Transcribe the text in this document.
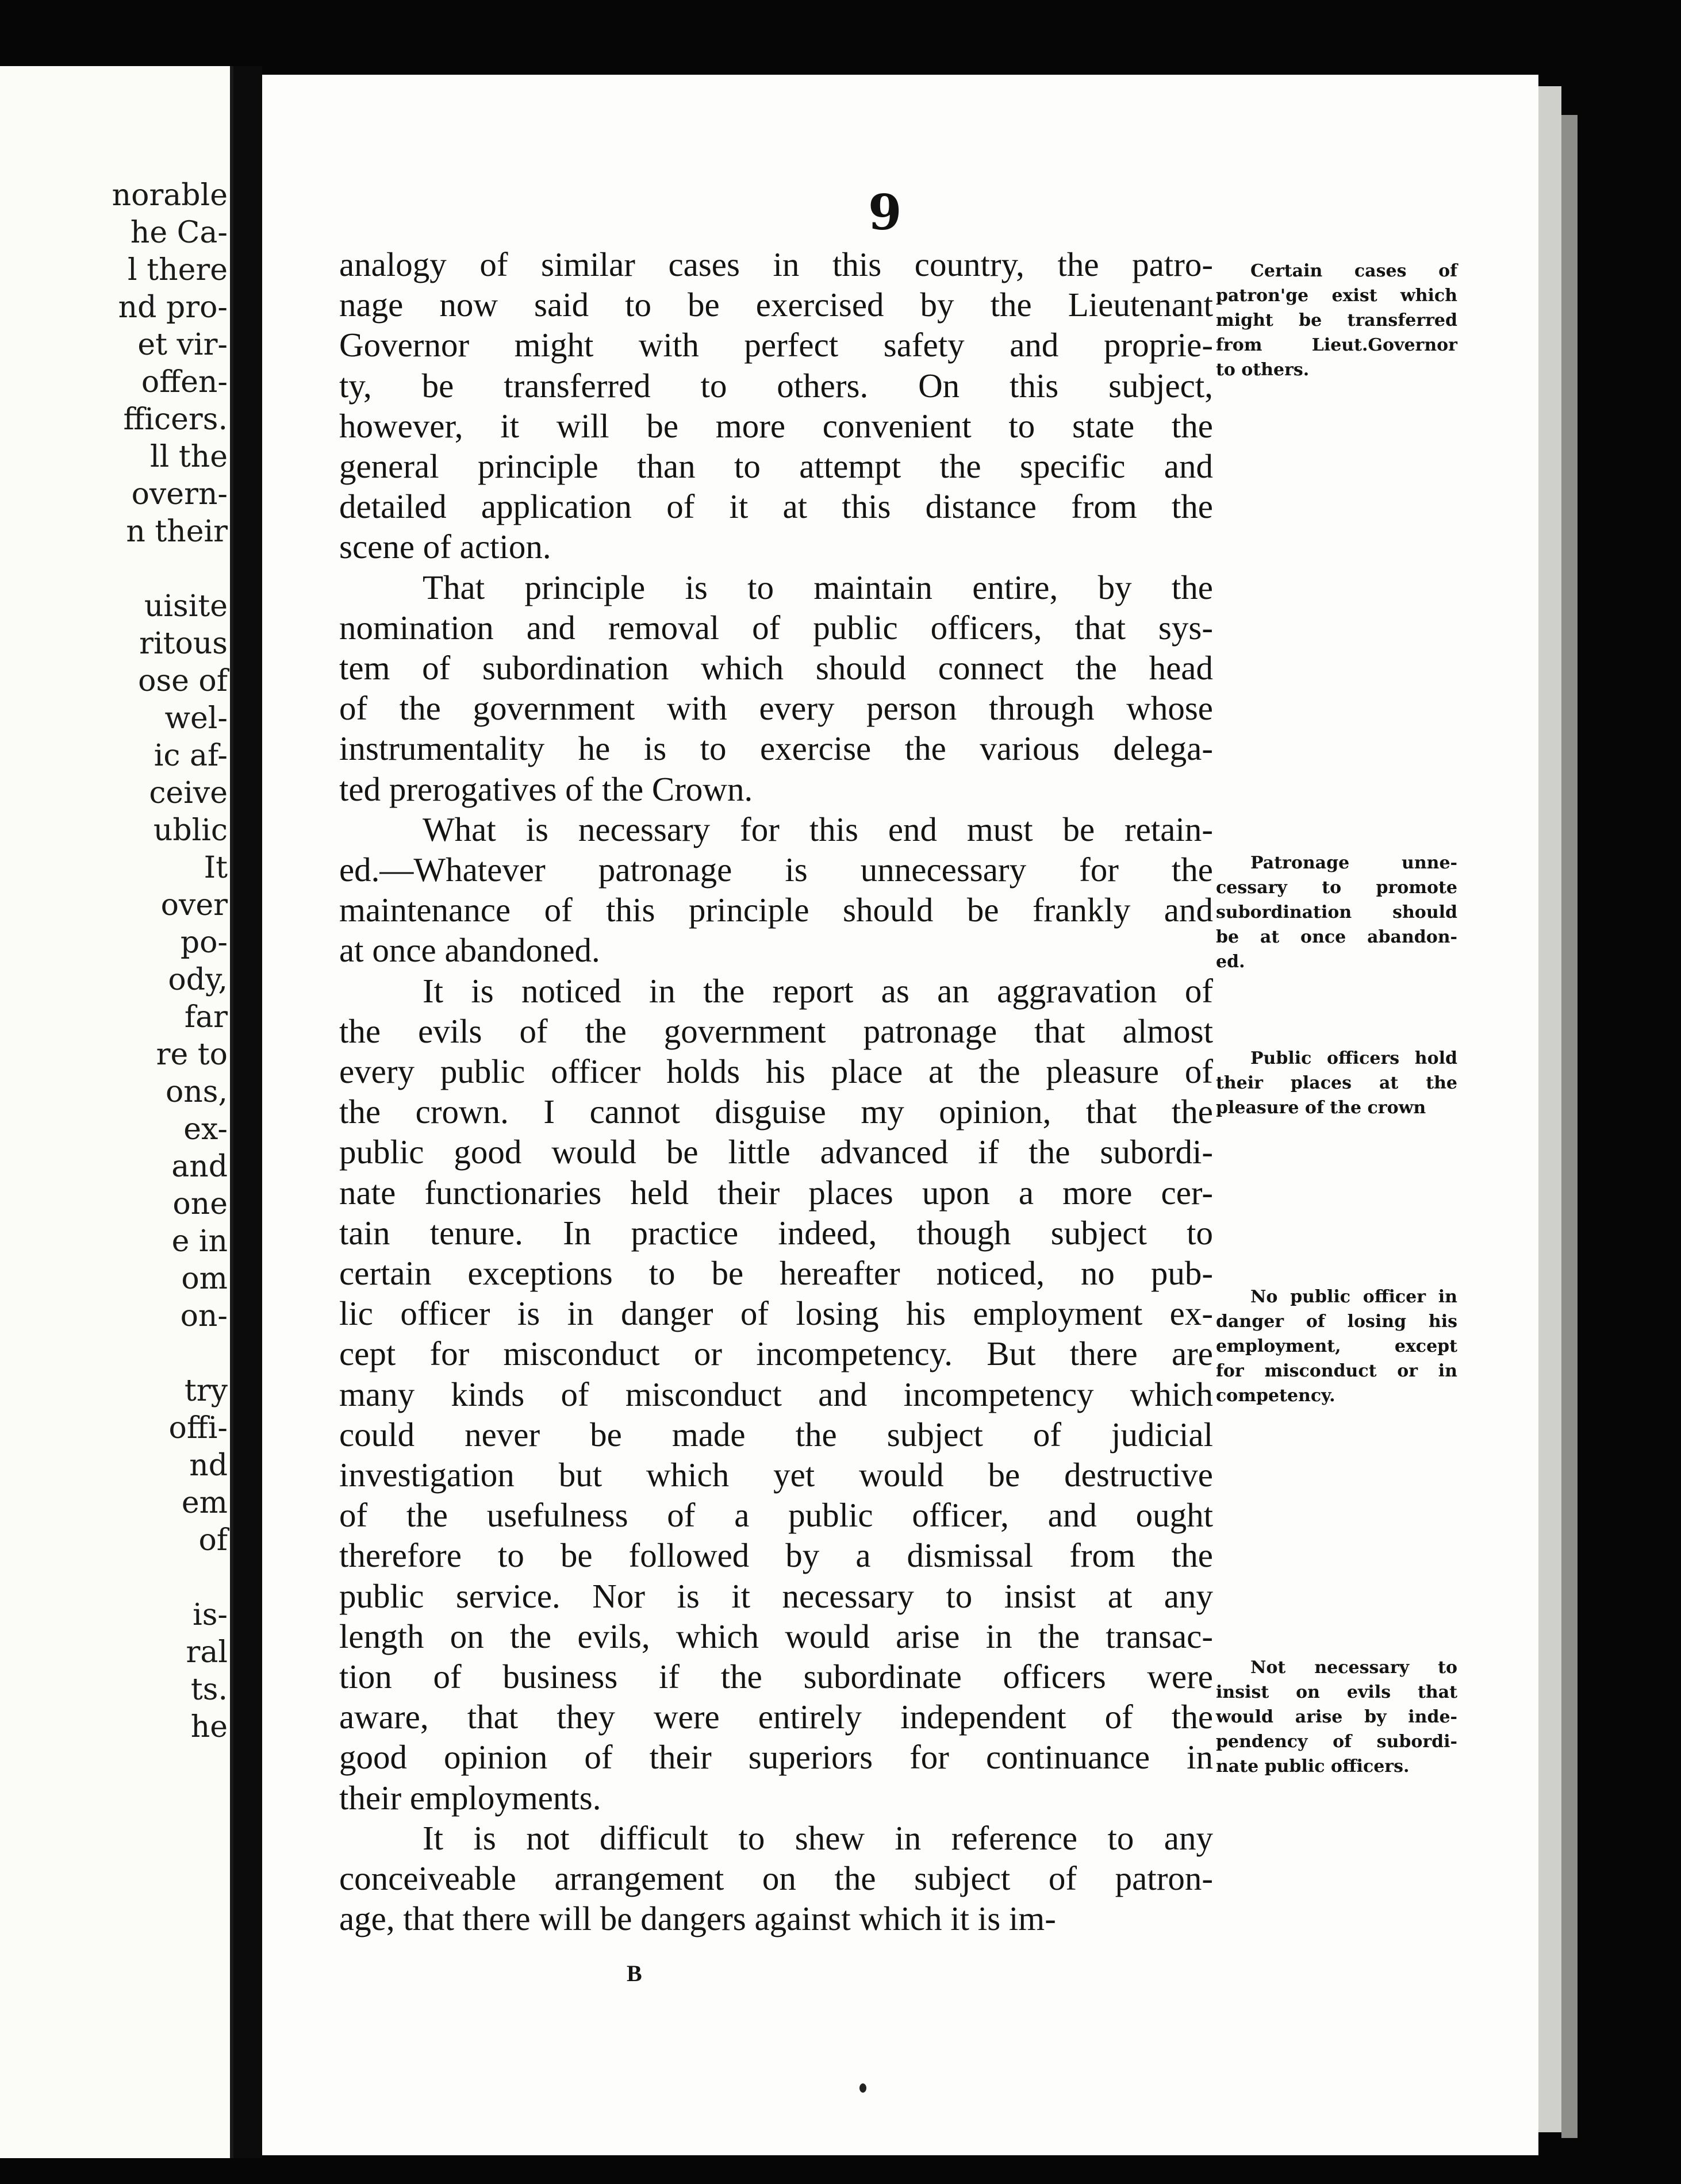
norable
he Ca-
l there
nd pro-
et vir-
offen-
fficers.
ll the
overn-
n their
uisite
ritous
ose of
wel-
ic af-
ceive
ublic
It
over
po-
ody,
far
re to
ons,
ex-
and
one
e in
om
on-
try
offi-
nd
em
of
is-
ral
ts.
he
9
analogy of similar cases in this country, the patro-
nage now said to be exercised by the Lieutenant
Governor might with perfect safety and proprie-
ty, be transferred to others. On this subject,
however, it will be more convenient to state the
general principle than to attempt the specific and
detailed application of it at this distance from the
scene of action.
That principle is to maintain entire, by the
nomination and removal of public officers, that sys-
tem of subordination which should connect the head
of the government with every person through whose
instrumentality he is to exercise the various delega-
ted prerogatives of the Crown.
What is necessary for this end must be retain-
ed.—Whatever patronage is unnecessary for the
maintenance of this principle should be frankly and
at once abandoned.
It is noticed in the report as an aggravation of
the evils of the government patronage that almost
every public officer holds his place at the pleasure of
the crown. I cannot disguise my opinion, that the
public good would be little advanced if the subordi-
nate functionaries held their places upon a more cer-
tain tenure. In practice indeed, though subject to
certain exceptions to be hereafter noticed, no pub-
lic officer is in danger of losing his employment ex-
cept for misconduct or incompetency. But there are
many kinds of misconduct and incompetency which
could never be made the subject of judicial
investigation but which yet would be destructive
of the usefulness of a public officer, and ought
therefore to be followed by a dismissal from the
public service. Nor is it necessary to insist at any
length on the evils, which would arise in the transac-
tion of business if the subordinate officers were
aware, that they were entirely independent of the
good opinion of their superiors for continuance in
their employments.
It is not difficult to shew in reference to any
conceiveable arrangement on the subject of patron-
age, that there will be dangers against which it is im-
Certain cases of
patron'ge exist which
might be transferred
from Lieut.Governor
to others.
Patronage unne-
cessary to promote
subordination should
be at once abandon-
ed.
Public officers hold
their places at the
pleasure of the crown
No public officer in
danger of losing his
employment, except
for misconduct or in
competency.
Not necessary to
insist on evils that
would arise by inde-
pendency of subordi-
nate public officers.
B
